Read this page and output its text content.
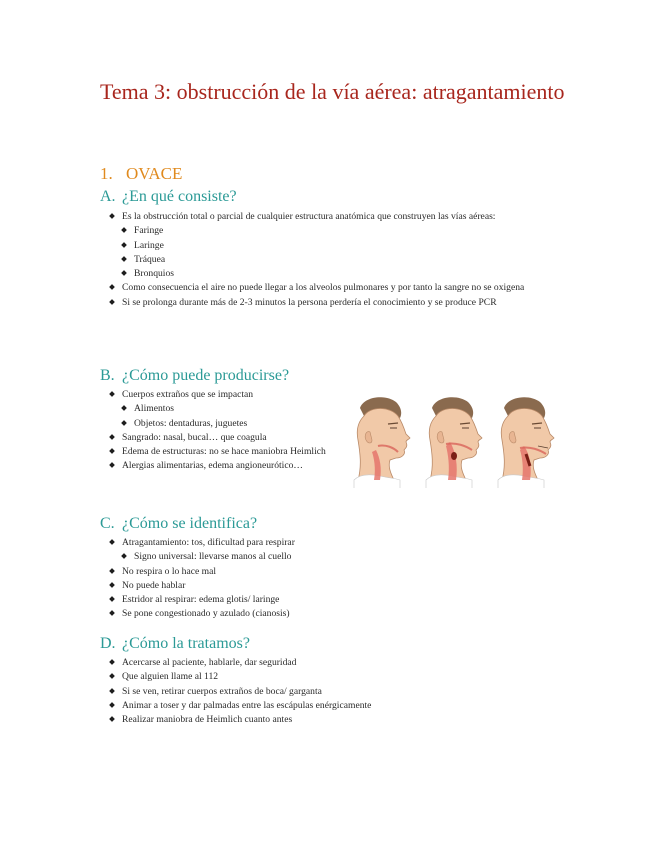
Tema 3: obstrucción de la vía aérea: atragantamiento
1. OVACE
A. ¿En qué consiste?
Es la obstrucción total o parcial de cualquier estructura anatómica que construyen las vías aéreas:
Faringe
Laringe
Tráquea
Bronquios
Como consecuencia el aire no puede llegar a los alveolos pulmonares y por tanto la sangre no se oxigena
Si se prolonga durante más de 2-3 minutos la persona perdería el conocimiento y se produce PCR
B. ¿Cómo puede producirse?
Cuerpos extraños que se impactan
Alimentos
Objetos: dentaduras, juguetes
Sangrado: nasal, bucal… que coagula
Edema de estructuras: no se hace maniobra Heimlich
Alergias alimentarias, edema angioneurótico…
C. ¿Cómo se identifica?
Atragantamiento: tos, dificultad para respirar
Signo universal: llevarse manos al cuello
No respira o lo hace mal
No puede hablar
Estridor al respirar: edema glotis/ laringe
Se pone congestionado y azulado (cianosis)
D. ¿Cómo la tratamos?
Acercarse al paciente, hablarle, dar seguridad
Que alguien llame al 112
Si se ven, retirar cuerpos extraños de boca/ garganta
Animar a toser y dar palmadas entre las escápulas enérgicamente
Realizar maniobra de Heimlich cuanto antes
